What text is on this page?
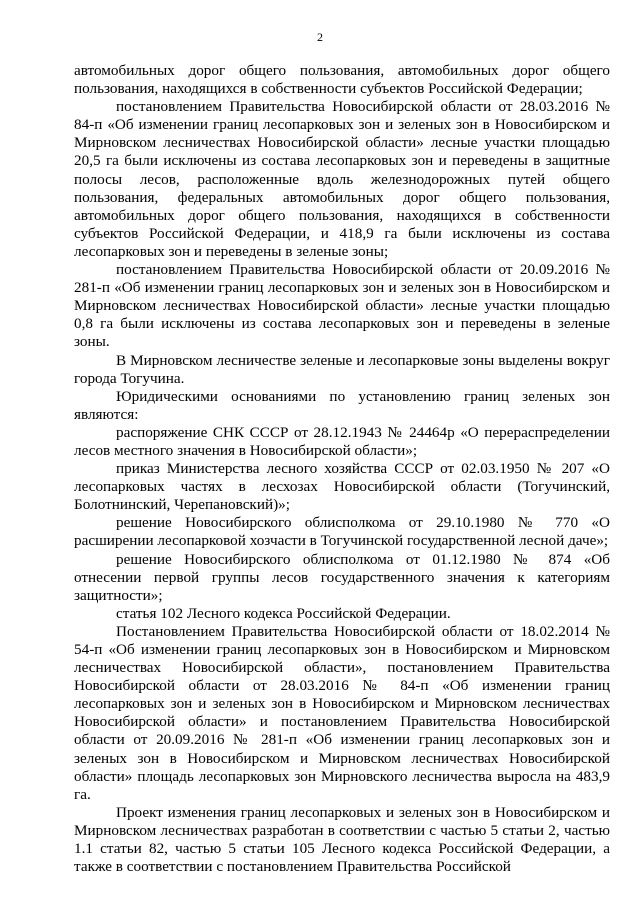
2

автомобильных дорог общего пользования, автомобильных дорог общего пользования, находящихся в собственности субъектов Российской Федерации;

постановлением Правительства Новосибирской области от 28.03.2016 № 84-п «Об изменении границ лесопарковых зон и зеленых зон в Новосибирском и Мирновском лесничествах Новосибирской области» лесные участки площадью 20,5 га были исключены из состава лесопарковых зон и переведены в защитные полосы лесов, расположенные вдоль железнодорожных путей общего пользования, федеральных автомобильных дорог общего пользования, автомобильных дорог общего пользования, находящихся в собственности субъектов Российской Федерации, и 418,9 га были исключены из состава лесопарковых зон и переведены в зеленые зоны;

постановлением Правительства Новосибирской области от 20.09.2016 № 281-п «Об изменении границ лесопарковых зон и зеленых зон в Новосибирском и Мирновском лесничествах Новосибирской области» лесные участки площадью 0,8 га были исключены из состава лесопарковых зон и переведены в зеленые зоны.

В Мирновском лесничестве зеленые и лесопарковые зоны выделены вокруг города Тогучина.

Юридическими основаниями по установлению границ зеленых зон являются:

распоряжение СНК СССР от 28.12.1943 № 24464р «О перераспределении лесов местного значения в Новосибирской области»;

приказ Министерства лесного хозяйства СССР от 02.03.1950 № 207 «О лесопарковых частях в лесхозах Новосибирской области (Тогучинский, Болотнинский, Черепановский)»;

решение Новосибирского облисполкома от 29.10.1980 № 770 «О расширении лесопарковой хозчасти в Тогучинской государственной лесной даче»;

решение Новосибирского облисполкома от 01.12.1980 № 874 «Об отнесении первой группы лесов государственного значения к категориям защитности»;

статья 102 Лесного кодекса Российской Федерации.

Постановлением Правительства Новосибирской области от 18.02.2014 № 54-п «Об изменении границ лесопарковых зон в Новосибирском и Мирновском лесничествах Новосибирской области», постановлением Правительства Новосибирской области от 28.03.2016 № 84-п «Об изменении границ лесопарковых зон и зеленых зон в Новосибирском и Мирновском лесничествах Новосибирской области» и постановлением Правительства Новосибирской области от 20.09.2016 № 281-п «Об изменении границ лесопарковых зон и зеленых зон в Новосибирском и Мирновском лесничествах Новосибирской области» площадь лесопарковых зон Мирновского лесничества выросла на 483,9 га.

Проект изменения границ лесопарковых и зеленых зон в Новосибирском и Мирновском лесничествах разработан в соответствии с частью 5 статьи 2, частью 1.1 статьи 82, частью 5 статьи 105 Лесного кодекса Российской Федерации, а также в соответствии с постановлением Правительства Российской
